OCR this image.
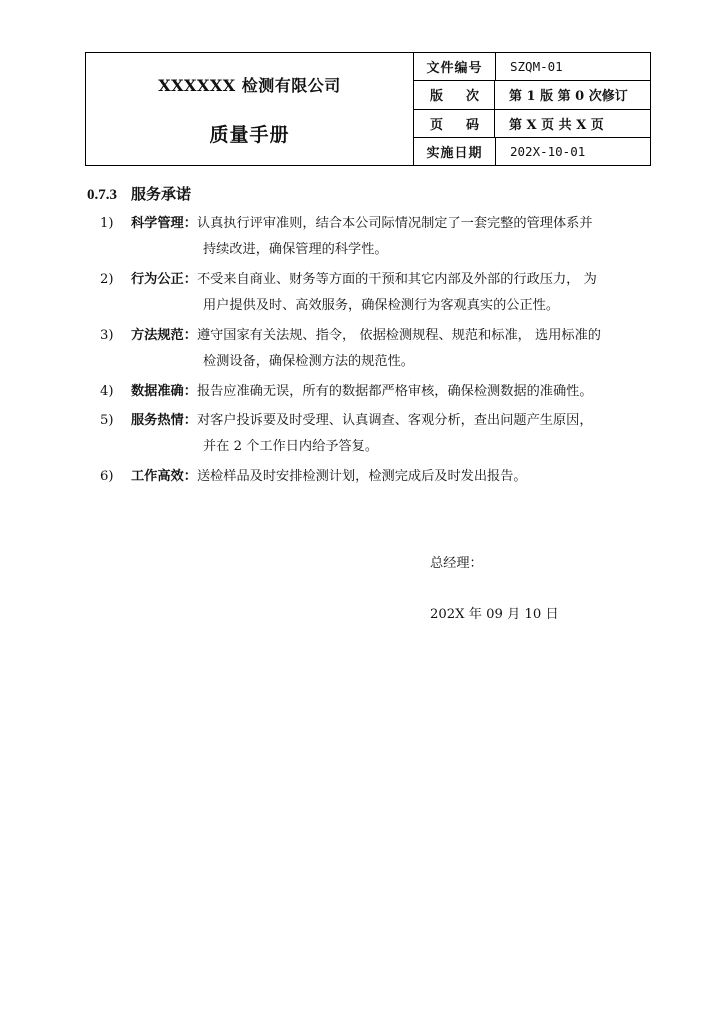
XXXXXX 检测有限公司
质量手册
文件编号	SZQM-01
版 次	第 1 版 第 0 次修订
页 码	第 X 页 共 X 页
实施日期	202X-10-01
0.7.3 服务承诺
1)	科学管理：认真执行评审准则，结合本公司际情况制定了一套完整的管理体系并
持续改进，确保管理的科学性。
2)	行为公正：不受来自商业、财务等方面的干预和其它内部及外部的行政压力， 为
用户提供及时、高效服务，确保检测行为客观真实的公正性。
3)	方法规范：遵守国家有关法规、指令， 依据检测规程、规范和标准， 选用标准的
检测设备，确保检测方法的规范性。
4)	数据准确：报告应准确无误，所有的数据都严格审核，确保检测数据的准确性。
5)	服务热情：对客户投诉要及时受理、认真调查、客观分析，查出问题产生原因，
并在 2 个工作日内给予答复。
6)	工作高效：送检样品及时安排检测计划，检测完成后及时发出报告。
总经理：
202X 年 09 月 10 日
